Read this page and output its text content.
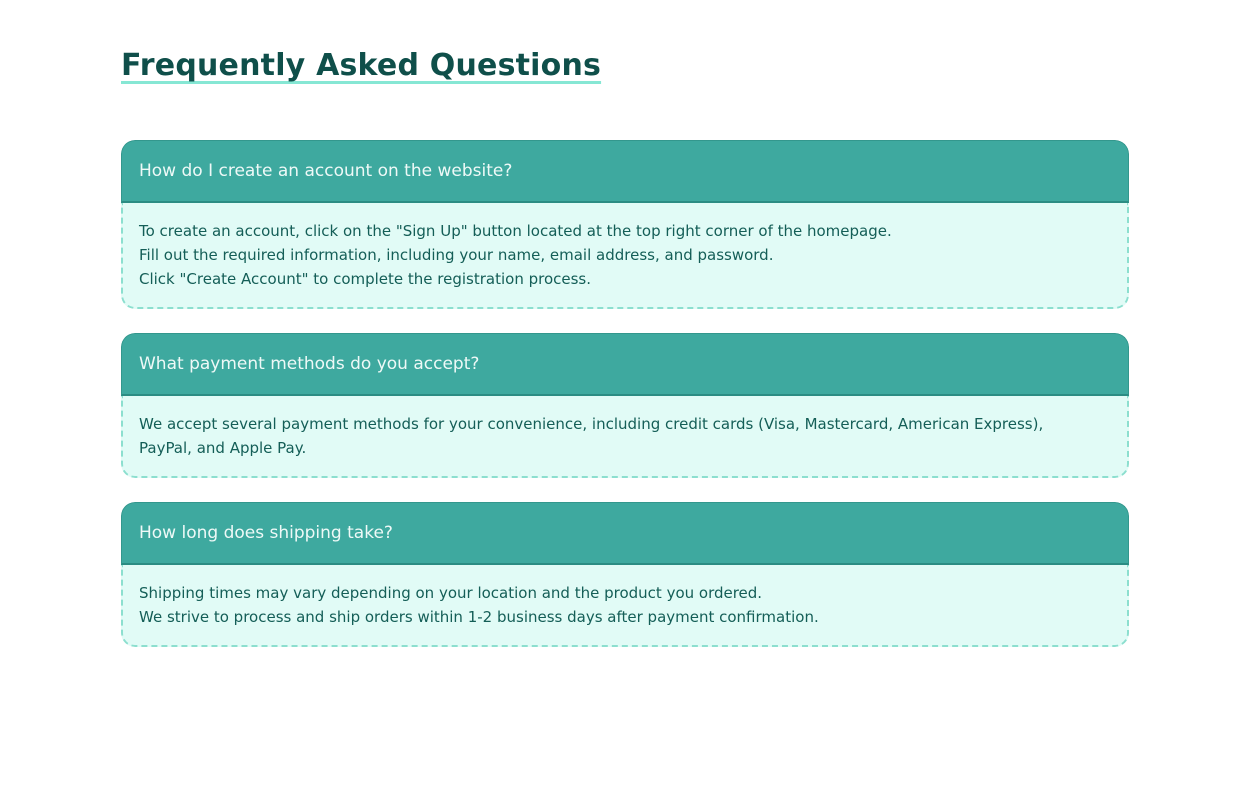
Frequently Asked Questions
How do I create an account on the website?
To create an account, click on the "Sign Up" button located at the top right corner of the homepage.
Fill out the required information, including your name, email address, and password.
Click "Create Account" to complete the registration process.
What payment methods do you accept?
We accept several payment methods for your convenience, including credit cards (Visa, Mastercard, American Express),
PayPal, and Apple Pay.
How long does shipping take?
Shipping times may vary depending on your location and the product you ordered.
We strive to process and ship orders within 1-2 business days after payment confirmation.
